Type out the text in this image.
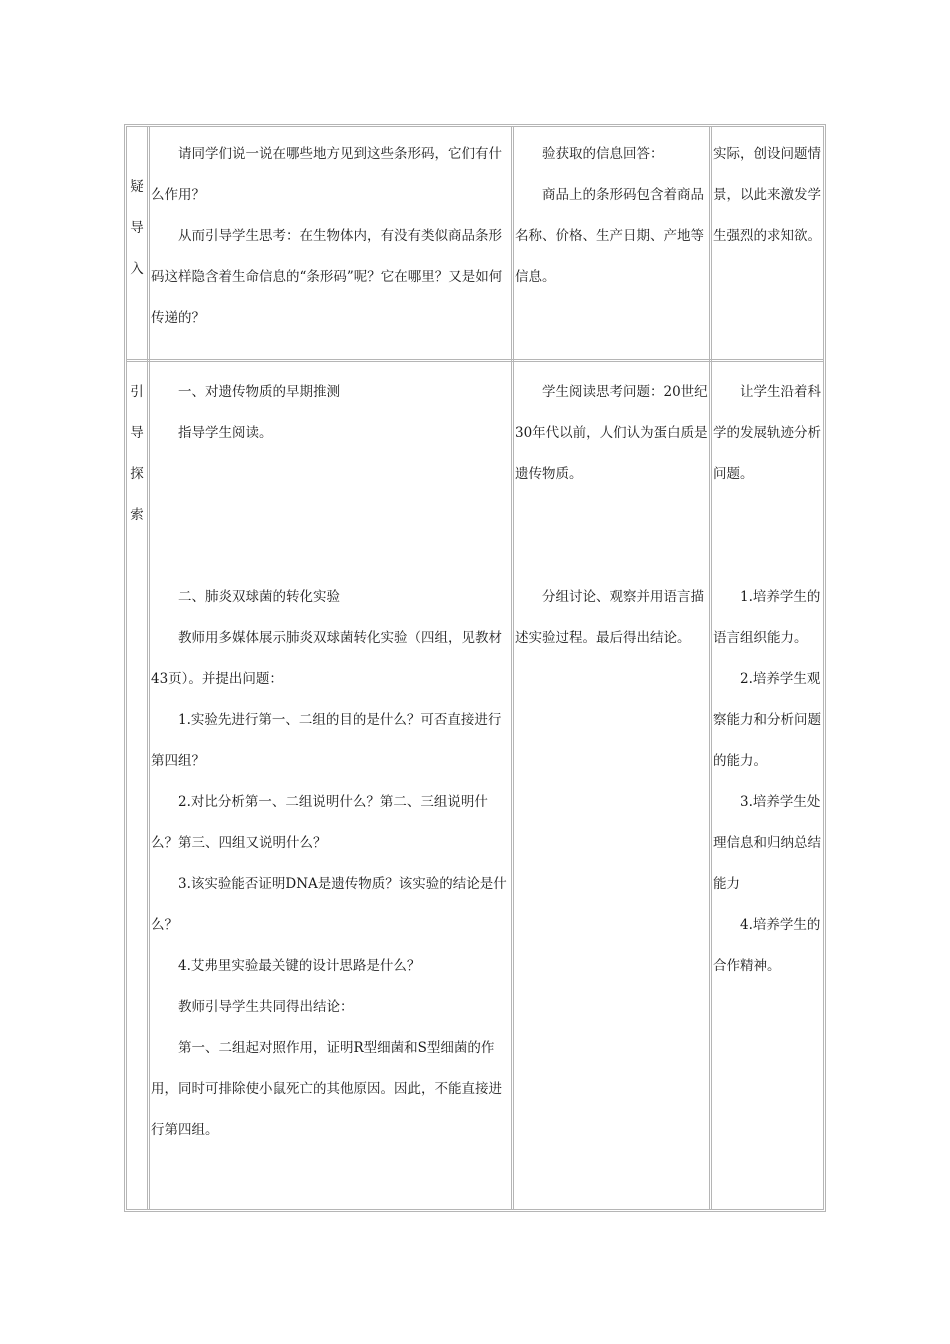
疑

导

入

请同学们说一说在哪些地方见到这些条形码，它们有什么作用？

从而引导学生思考：在生物体内，有没有类似商品条形码这样隐含着生命信息的“条形码”呢？它在哪里？又是如何传递的？

验获取的信息回答：

商品上的条形码包含着商品名称、价格、生产日期、产地等信息。

实际，创设问题情景，以此来激发学生强烈的求知欲。

引

导

探

索

一、对遗传物质的早期推测

指导学生阅读。

二、肺炎双球菌的转化实验

教师用多媒体展示肺炎双球菌转化实验（四组，见教材43页）。并提出问题：

1.实验先进行第一、二组的目的是什么？可否直接进行第四组？

2.对比分析第一、二组说明什么？第二、三组说明什么？第三、四组又说明什么？

3.该实验能否证明DNA是遗传物质？该实验的结论是什么？

4.艾弗里实验最关键的设计思路是什么？

教师引导学生共同得出结论：

第一、二组起对照作用，证明R型细菌和S型细菌的作用，同时可排除使小鼠死亡的其他原因。因此，不能直接进行第四组。

学生阅读思考问题：20世纪30年代以前，人们认为蛋白质是遗传物质。

分组讨论、观察并用语言描述实验过程。最后得出结论。

让学生沿着科学的发展轨迹分析问题。

1.培养学生的语言组织能力。

2.培养学生观察能力和分析问题的能力。

3.培养学生处理信息和归纳总结能力

4.培养学生的合作精神。
